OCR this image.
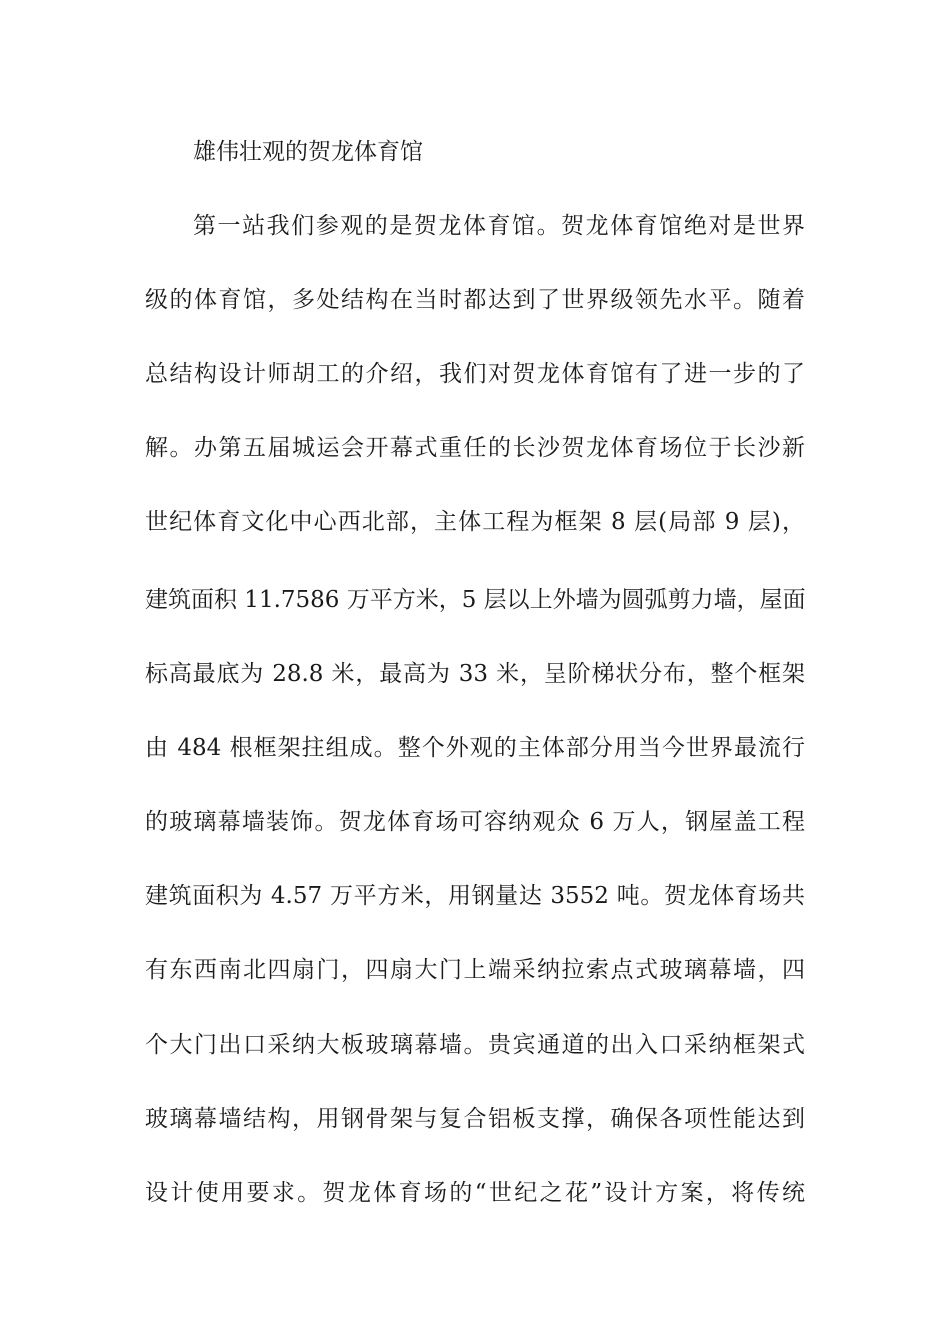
雄伟壮观的贺龙体育馆
第一站我们参观的是贺龙体育馆。贺龙体育馆绝对是世界
级的体育馆，多处结构在当时都达到了世界级领先水平。随着
总结构设计师胡工的介绍，我们对贺龙体育馆有了进一步的了
解。办第五届城运会开幕式重任的长沙贺龙体育场位于长沙新
世纪体育文化中心西北部，主体工程为框架 8 层(局部 9 层)，
建筑面积 11.7586 万平方米，5 层以上外墙为圆弧剪力墙，屋面
标高最底为 28.8 米，最高为 33 米，呈阶梯状分布，整个框架
由 484 根框架拄组成。整个外观的主体部分用当今世界最流行
的玻璃幕墙装饰。贺龙体育场可容纳观众 6 万人，钢屋盖工程
建筑面积为 4.57 万平方米，用钢量达 3552 吨。贺龙体育场共
有东西南北四扇门，四扇大门上端采纳拉索点式玻璃幕墙，四
个大门出口采纳大板玻璃幕墙。贵宾通道的出入口采纳框架式
玻璃幕墙结构，用钢骨架与复合铝板支撑，确保各项性能达到
设计使用要求。贺龙体育场的“世纪之花”设计方案，将传统
